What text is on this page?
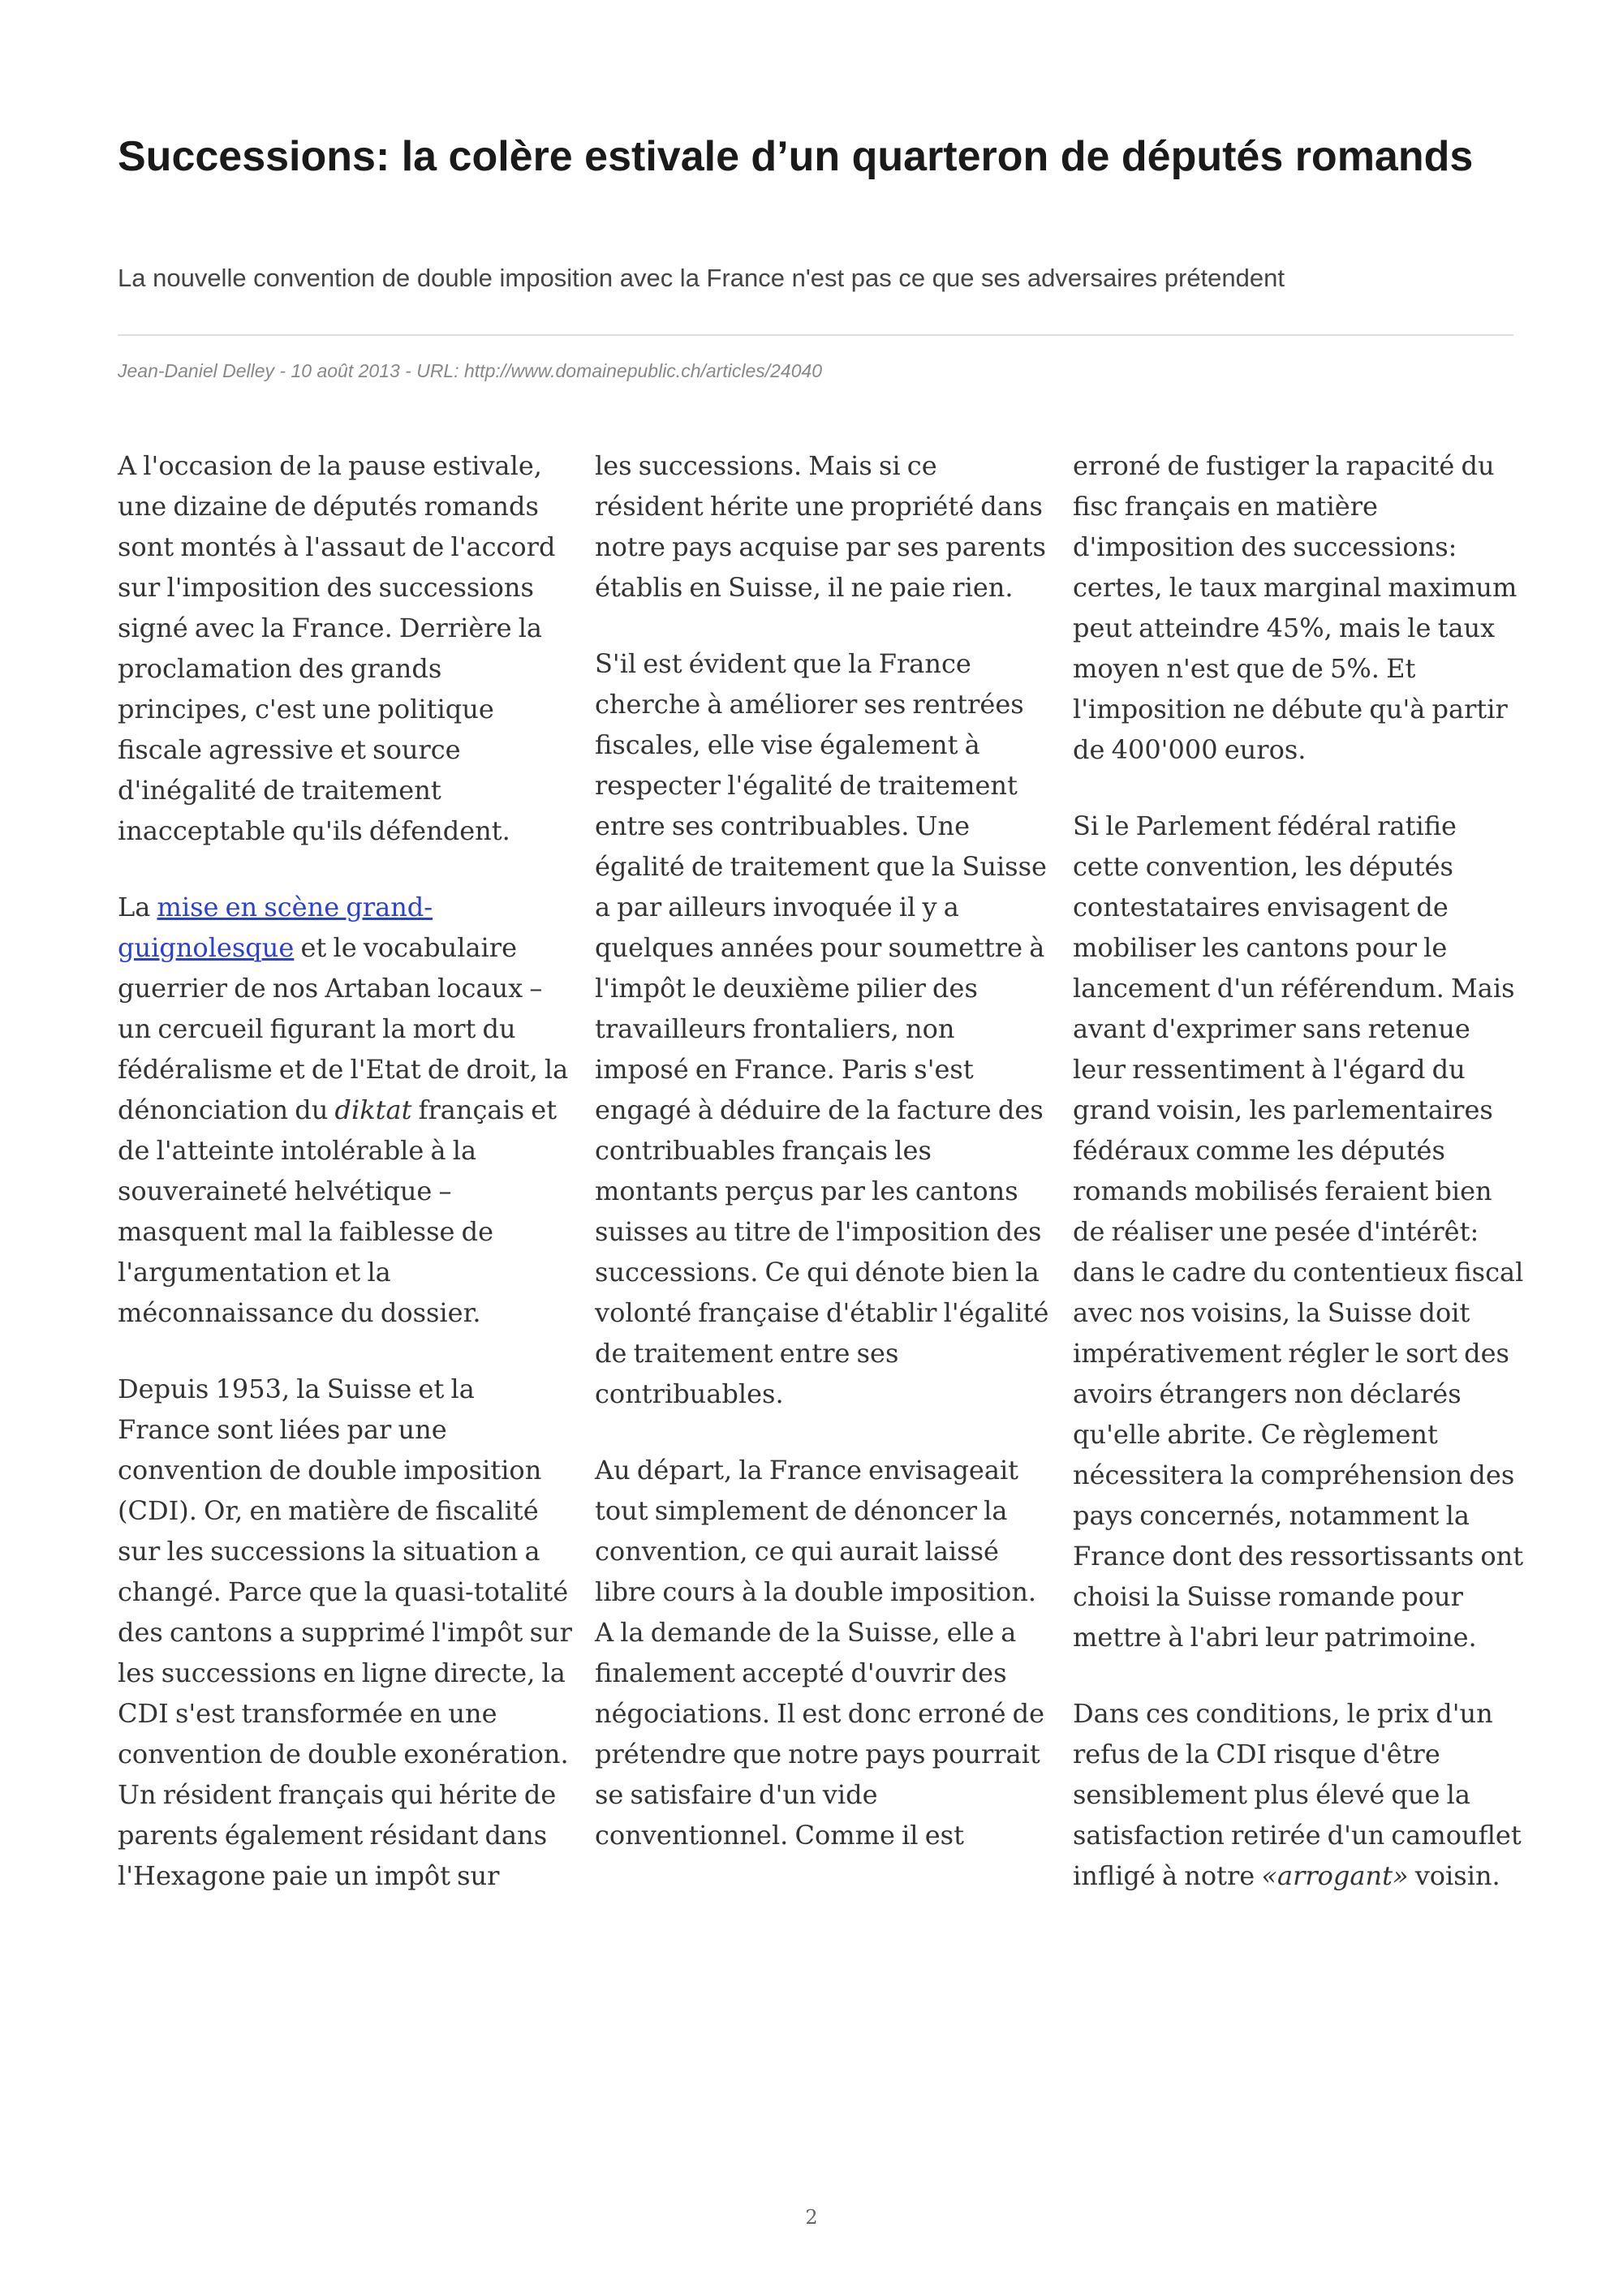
Successions: la colère estivale d’un quarteron de députés romands

La nouvelle convention de double imposition avec la France n'est pas ce que ses adversaires prétendent

Jean-Daniel Delley - 10 août 2013 - URL: http://www.domainepublic.ch/articles/24040

A l'occasion de la pause estivale, une dizaine de députés romands sont montés à l'assaut de l'accord sur l'imposition des successions signé avec la France. Derrière la proclamation des grands principes, c'est une politique fiscale agressive et source d'inégalité de traitement inacceptable qu'ils défendent.

La mise en scène grand-guignolesque et le vocabulaire guerrier de nos Artaban locaux – un cercueil figurant la mort du fédéralisme et de l'Etat de droit, la dénonciation du diktat français et de l'atteinte intolérable à la souveraineté helvétique – masquent mal la faiblesse de l'argumentation et la méconnaissance du dossier.

Depuis 1953, la Suisse et la France sont liées par une convention de double imposition (CDI). Or, en matière de fiscalité sur les successions la situation a changé. Parce que la quasi-totalité des cantons a supprimé l'impôt sur les successions en ligne directe, la CDI s'est transformée en une convention de double exonération. Un résident français qui hérite de parents également résidant dans l'Hexagone paie un impôt sur

les successions. Mais si ce résident hérite une propriété dans notre pays acquise par ses parents établis en Suisse, il ne paie rien.

S'il est évident que la France cherche à améliorer ses rentrées fiscales, elle vise également à respecter l'égalité de traitement entre ses contribuables. Une égalité de traitement que la Suisse a par ailleurs invoquée il y a quelques années pour soumettre à l'impôt le deuxième pilier des travailleurs frontaliers, non imposé en France. Paris s'est engagé à déduire de la facture des contribuables français les montants perçus par les cantons suisses au titre de l'imposition des successions. Ce qui dénote bien la volonté française d'établir l'égalité de traitement entre ses contribuables.

Au départ, la France envisageait tout simplement de dénoncer la convention, ce qui aurait laissé libre cours à la double imposition. A la demande de la Suisse, elle a finalement accepté d'ouvrir des négociations. Il est donc erroné de prétendre que notre pays pourrait se satisfaire d'un vide conventionnel. Comme il est

erroné de fustiger la rapacité du fisc français en matière d'imposition des successions: certes, le taux marginal maximum peut atteindre 45%, mais le taux moyen n'est que de 5%. Et l'imposition ne débute qu'à partir de 400'000 euros.

Si le Parlement fédéral ratifie cette convention, les députés contestataires envisagent de mobiliser les cantons pour le lancement d'un référendum. Mais avant d'exprimer sans retenue leur ressentiment à l'égard du grand voisin, les parlementaires fédéraux comme les députés romands mobilisés feraient bien de réaliser une pesée d'intérêt: dans le cadre du contentieux fiscal avec nos voisins, la Suisse doit impérativement régler le sort des avoirs étrangers non déclarés qu'elle abrite. Ce règlement nécessitera la compréhension des pays concernés, notamment la France dont des ressortissants ont choisi la Suisse romande pour mettre à l'abri leur patrimoine.

Dans ces conditions, le prix d'un refus de la CDI risque d'être sensiblement plus élevé que la satisfaction retirée d'un camouflet infligé à notre «arrogant» voisin.

2
